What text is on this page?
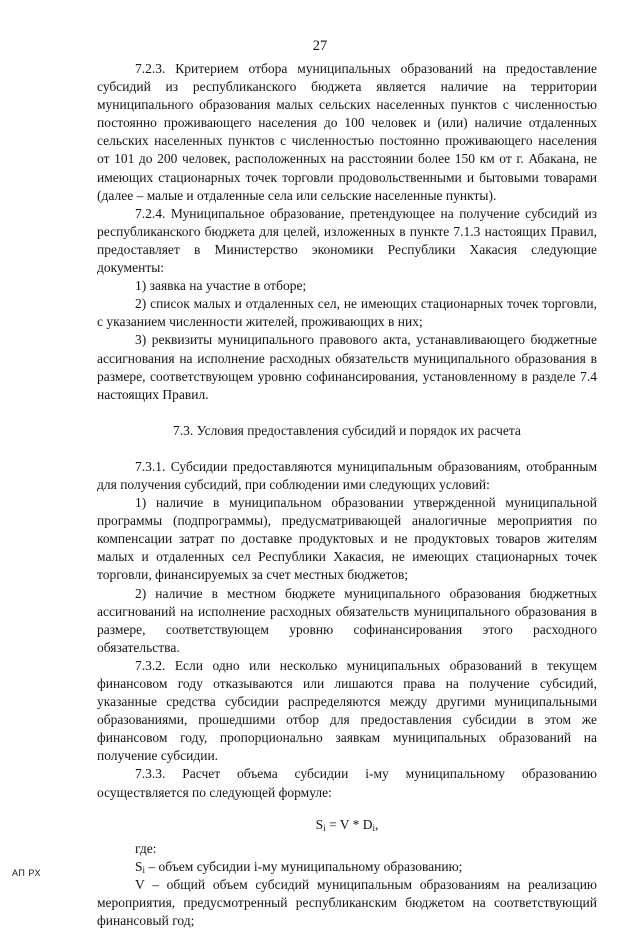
27

7.2.3. Критерием отбора муниципальных образований на предоставление субсидий из республиканского бюджета является наличие на территории муниципального образования малых сельских населенных пунктов с численностью постоянно проживающего населения до 100 человек и (или) наличие отдаленных сельских населенных пунктов с численностью постоянно проживающего населения от 101 до 200 человек, расположенных на расстоянии более 150 км от г. Абакана, не имеющих стационарных точек торговли продовольственными и бытовыми товарами (далее – малые и отдаленные села или сельские населенные пункты).

7.2.4. Муниципальное образование, претендующее на получение субсидий из республиканского бюджета для целей, изложенных в пункте 7.1.3 настоящих Правил, предоставляет в Министерство экономики Республики Хакасия следующие документы:

1) заявка на участие в отборе;

2) список малых и отдаленных сел, не имеющих стационарных точек торговли, с указанием численности жителей, проживающих в них;

3) реквизиты муниципального правового акта, устанавливающего бюджетные ассигнования на исполнение расходных обязательств муниципального образования в размере, соответствующем уровню софинансирования, установленному в разделе 7.4 настоящих Правил.

7.3. Условия предоставления субсидий и порядок их расчета

7.3.1. Субсидии предоставляются муниципальным образованиям, отобранным для получения субсидий, при соблюдении ими следующих условий:

1) наличие в муниципальном образовании утвержденной муниципальной программы (подпрограммы), предусматривающей аналогичные мероприятия по компенсации затрат по доставке продуктовых и не продуктовых товаров жителям малых и отдаленных сел Республики Хакасия, не имеющих стационарных точек торговли, финансируемых за счет местных бюджетов;

2) наличие в местном бюджете муниципального образования бюджетных ассигнований на исполнение расходных обязательств муниципального образования в размере, соответствующем уровню софинансирования этого расходного обязательства.

7.3.2. Если одно или несколько муниципальных образований в текущем финансовом году отказываются или лишаются права на получение субсидий, указанные средства субсидии распределяются между другими муниципальными образованиями, прошедшими отбор для предоставления субсидии в этом же финансовом году, пропорционально заявкам муниципальных образований на получение субсидии.

7.3.3. Расчет объема субсидии i-му муниципальному образованию осуществляется по следующей формуле:

$S_i = V * D_i$,

где:

$S_i$ – объем субсидии i-му муниципальному образованию;

V – общий объем субсидий муниципальным образованиям на реализацию мероприятия, предусмотренный республиканским бюджетом на соответствующий финансовый год;

АП РХ
